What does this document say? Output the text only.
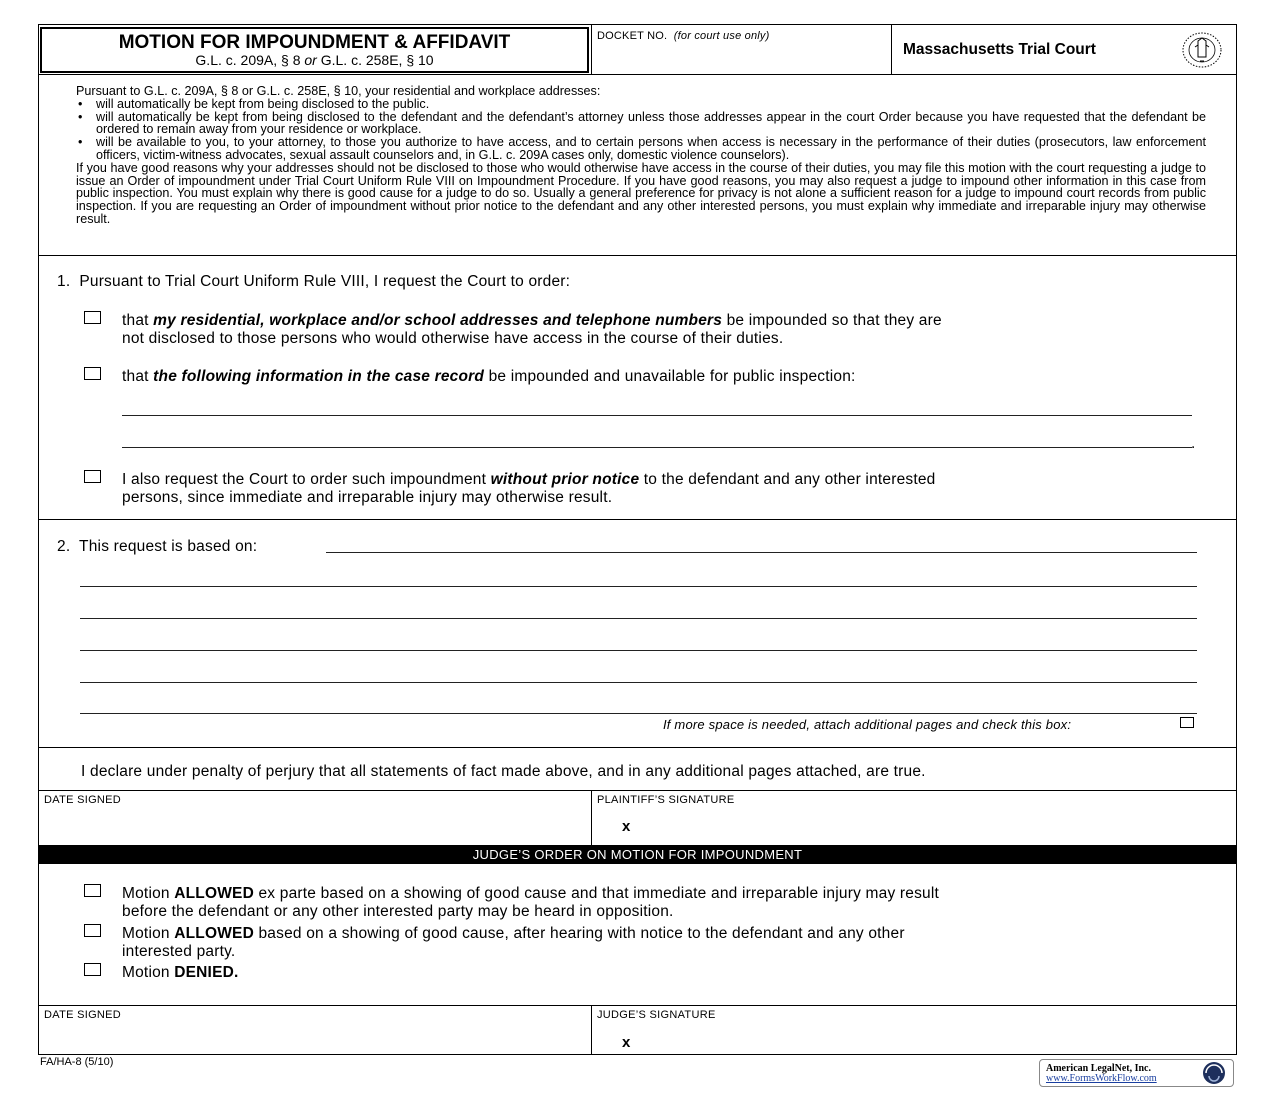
MOTION FOR IMPOUNDMENT & AFFIDAVIT
G.L. c. 209A, § 8 or G.L. c. 258E, § 10
DOCKET NO. (for court use only)
Massachusetts Trial Court

Pursuant to G.L. c. 209A, § 8 or G.L. c. 258E, § 10, your residential and workplace addresses:

• will automatically be kept from being disclosed to the public.
• will automatically be kept from being disclosed to the defendant and the defendant’s attorney unless those addresses appear in the court Order because you have requested that the defendant be ordered to remain away from your residence or workplace.
• will be available to you, to your attorney, to those you authorize to have access, and to certain persons when access is necessary in the performance of their duties (prosecutors, law enforcement officers, victim-witness advocates, sexual assault counselors and, in G.L. c. 209A cases only, domestic violence counselors).

If you have good reasons why your addresses should not be disclosed to those who would otherwise have access in the course of their duties, you may file this motion with the court requesting a judge to issue an Order of impoundment under Trial Court Uniform Rule VIII on Impoundment Procedure. If you have good reasons, you may also request a judge to impound other information in this case from public inspection. You must explain why there is good cause for a judge to do so. Usually a general preference for privacy is not alone a sufficient reason for a judge to impound court records from public inspection. If you are requesting an Order of impoundment without prior notice to the defendant and any other interested persons, you must explain why immediate and irreparable injury may otherwise result.

1.  Pursuant to Trial Court Uniform Rule VIII, I request the Court to order:
that my residential, workplace and/or school addresses and telephone numbers be impounded so that they are
not disclosed to those persons who would otherwise have access in the course of their duties.
that the following information in the case record be impounded and unavailable for public inspection:
.
I also request the Court to order such impoundment without prior notice to the defendant and any other interested
persons, since immediate and irreparable injury may otherwise result.
2.  This request is based on:
If more space is needed, attach additional pages and check this box:
I declare under penalty of perjury that all statements of fact made above, and in any additional pages attached, are true.
DATE SIGNED	PLAINTIFF’S SIGNATURE
x
JUDGE’S ORDER ON MOTION FOR IMPOUNDMENT
Motion ALLOWED ex parte based on a showing of good cause and that immediate and irreparable injury may result
before the defendant or any other interested party may be heard in opposition.
Motion ALLOWED based on a showing of good cause, after hearing with notice to the defendant and any other
interested party.
Motion DENIED.
DATE SIGNED	JUDGE’S SIGNATURE
x
FA/HA-8 (5/10)
American LegalNet, Inc.
www.FormsWorkFlow.com
